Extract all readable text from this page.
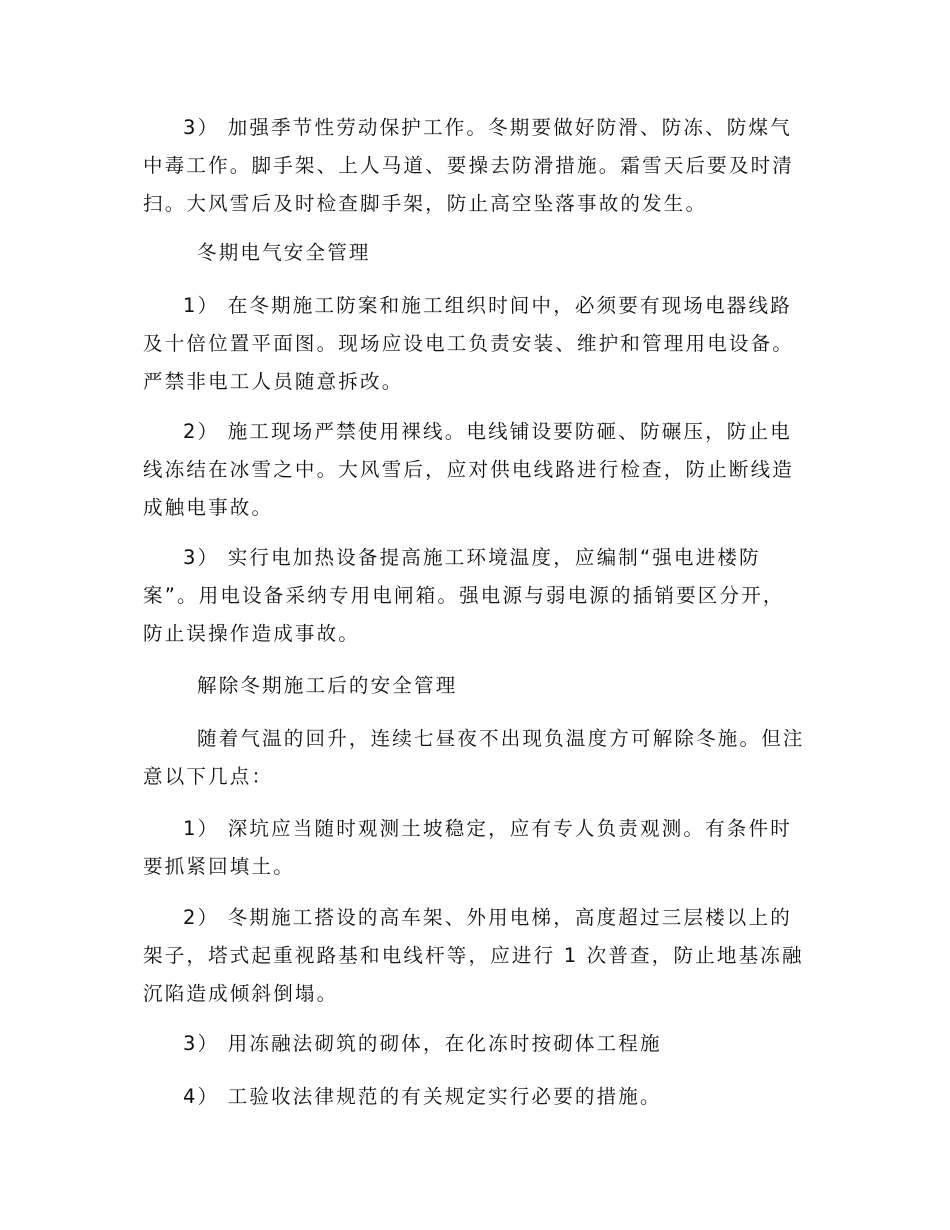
3） 加强季节性劳动保护工作。冬期要做好防滑、防冻、防煤气
中毒工作。脚手架、上人马道、要操去防滑措施。霜雪天后要及时清
扫。大风雪后及时检查脚手架，防止高空坠落事故的发生。

冬期电气安全管理

1） 在冬期施工防案和施工组织时间中，必须要有现场电器线路
及十倍位置平面图。现场应设电工负责安装、维护和管理用电设备。
严禁非电工人员随意拆改。

2） 施工现场严禁使用裸线。电线铺设要防砸、防碾压，防止电
线冻结在冰雪之中。大风雪后，应对供电线路进行检查，防止断线造
成触电事故。

3） 实行电加热设备提高施工环境温度，应编制“强电进楼防
案”。用电设备采纳专用电闸箱。强电源与弱电源的插销要区分开，
防止误操作造成事故。

解除冬期施工后的安全管理

随着气温的回升，连续七昼夜不出现负温度方可解除冬施。但注
意以下几点：

1） 深坑应当随时观测土坡稳定，应有专人负责观测。有条件时
要抓紧回填土。

2） 冬期施工搭设的高车架、外用电梯，高度超过三层楼以上的
架子，塔式起重视路基和电线杆等，应进行 1 次普查，防止地基冻融
沉陷造成倾斜倒塌。

3） 用冻融法砌筑的砌体，在化冻时按砌体工程施

4） 工验收法律规范的有关规定实行必要的措施。
